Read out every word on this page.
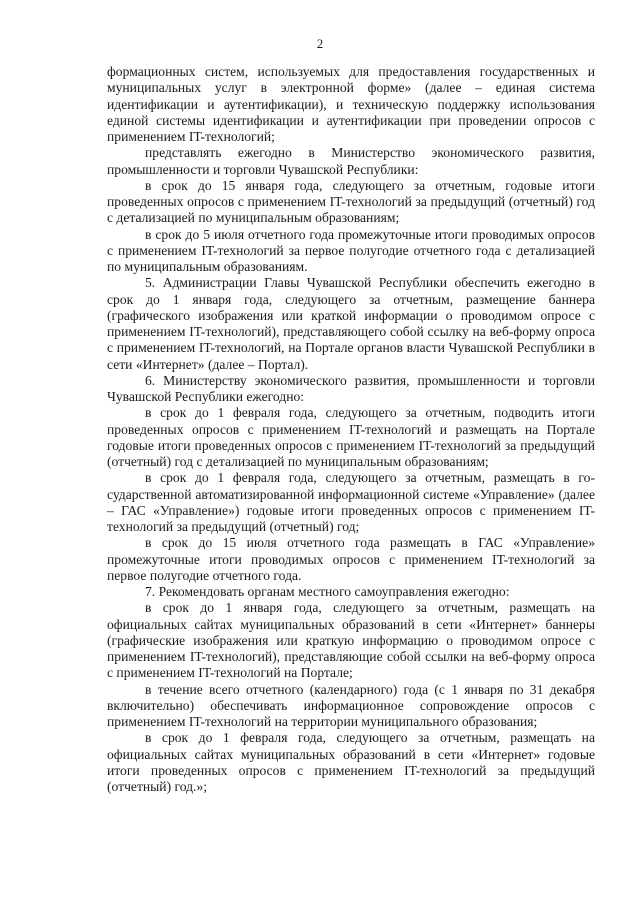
2

формационных систем, используемых для предоставления государственных и муниципальных услуг в электронной форме» (далее – единая система идентификации и аутентификации), и техническую поддержку использования единой системы идентификации и аутентификации при проведении опросов с применением IT-технологий;

представлять ежегодно в Министерство экономического развития, промышленности и торговли Чувашской Республики:

в срок до 15 января года, следующего за отчетным, годовые итоги проведенных опросов с применением IT-технологий за предыдущий (отчетный) год с детализацией по муниципальным образованиям;

в срок до 5 июля отчетного года промежуточные итоги проводимых опросов с применением IT-технологий за первое полугодие отчетного года с детализацией по муниципальным образованиям.

5. Администрации Главы Чувашской Республики обеспечить ежегодно в срок до 1 января года, следующего за отчетным, размещение баннера (графического изображения или краткой информации о проводимом опросе с применением IT-технологий), представляющего собой ссылку на веб-форму опроса с применением IT-технологий, на Портале органов власти Чувашской Республики в сети «Интернет» (далее – Портал).

6. Министерству экономического развития, промышленности и торговли Чувашской Республики ежегодно:

в срок до 1 февраля года, следующего за отчетным, подводить итоги проведенных опросов с применением IT-технологий и размещать на Портале годовые итоги проведенных опросов с применением IT-технологий за предыдущий (отчетный) год с детализацией по муниципальным образованиям;

в срок до 1 февраля года, следующего за отчетным, размещать в государственной автоматизированной информационной системе «Управление» (далее – ГАС «Управление») годовые итоги проведенных опросов с применением IT-технологий за предыдущий (отчетный) год;

в срок до 15 июля отчетного года размещать в ГАС «Управление» промежуточные итоги проводимых опросов с применением IT-технологий за первое полугодие отчетного года.

7. Рекомендовать органам местного самоуправления ежегодно:

в срок до 1 января года, следующего за отчетным, размещать на официальных сайтах муниципальных образований в сети «Интернет» баннеры (графические изображения или краткую информацию о проводимом опросе с применением IT-технологий), представляющие собой ссылки на веб-форму опроса с применением IT-технологий на Портале;

в течение всего отчетного (календарного) года (с 1 января по 31 декабря включительно) обеспечивать информационное сопровождение опросов с применением IT-технологий на территории муниципального образования;

в срок до 1 февраля года, следующего за отчетным, размещать на официальных сайтах муниципальных образований в сети «Интернет» годовые итоги проведенных опросов с применением IT-технологий за предыдущий (отчетный) год.»;
